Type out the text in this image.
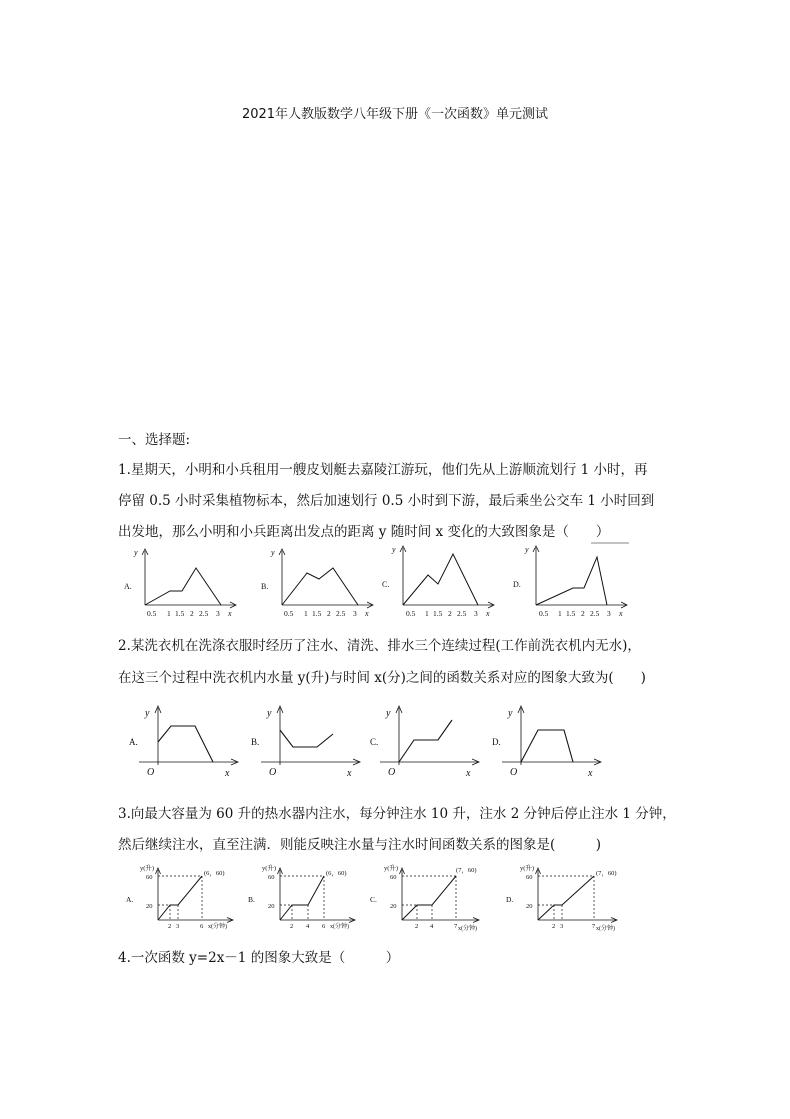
2021年人教版数学八年级下册《一次函数》单元测试
一、选择题:
1.星期天，小明和小兵租用一艘皮划艇去嘉陵江游玩，他们先从上游顺流划行 1 小时，再
停留 0.5 小时采集植物标本，然后加速划行 0.5 小时到下游，最后乘坐公交车 1 小时回到
出发地，那么小明和小兵距离出发点的距离 y 随时间 x 变化的大致图象是（　　）
y
A.
0.5 1 1.5 2 2.5 3 x
y
B.
0.5 1 1.5 2 2.5 3 x
y
C.
0.5 1 1.5 2 2.5 3 x
y
D.
0.5 1 1.5 2 2.5 3 x
2.某洗衣机在洗涤衣服时经历了注水、清洗、排水三个连续过程(工作前洗衣机内无水)，
在这三个过程中洗衣机内水量 y(升)与时间 x(分)之间的函数关系对应的图象大致为(　　)
y
A.
O	x
y
B.
O	x
y
C.
O	x
y
D.
O	x
3.向最大容量为 60 升的热水器内注水，每分钟注水 10 升，注水 2 分钟后停止注水 1 分钟，
然后继续注水，直至注满．则能反映注水量与注水时间函数关系的图象是(　　　)
y(升)
A.
60
20
(6，60)
2 3	6 x(分钟)
y(升)
B.
60
20
(6，60)
2 4 6 x(分钟)
y(升)
C.
60
20
(7，60)
2 4	7 x(分钟)
y(升)
D.
60
20
(7，60)
2 3	7 x(分钟)
4.一次函数 y=2x－1 的图象大致是（　　　）
